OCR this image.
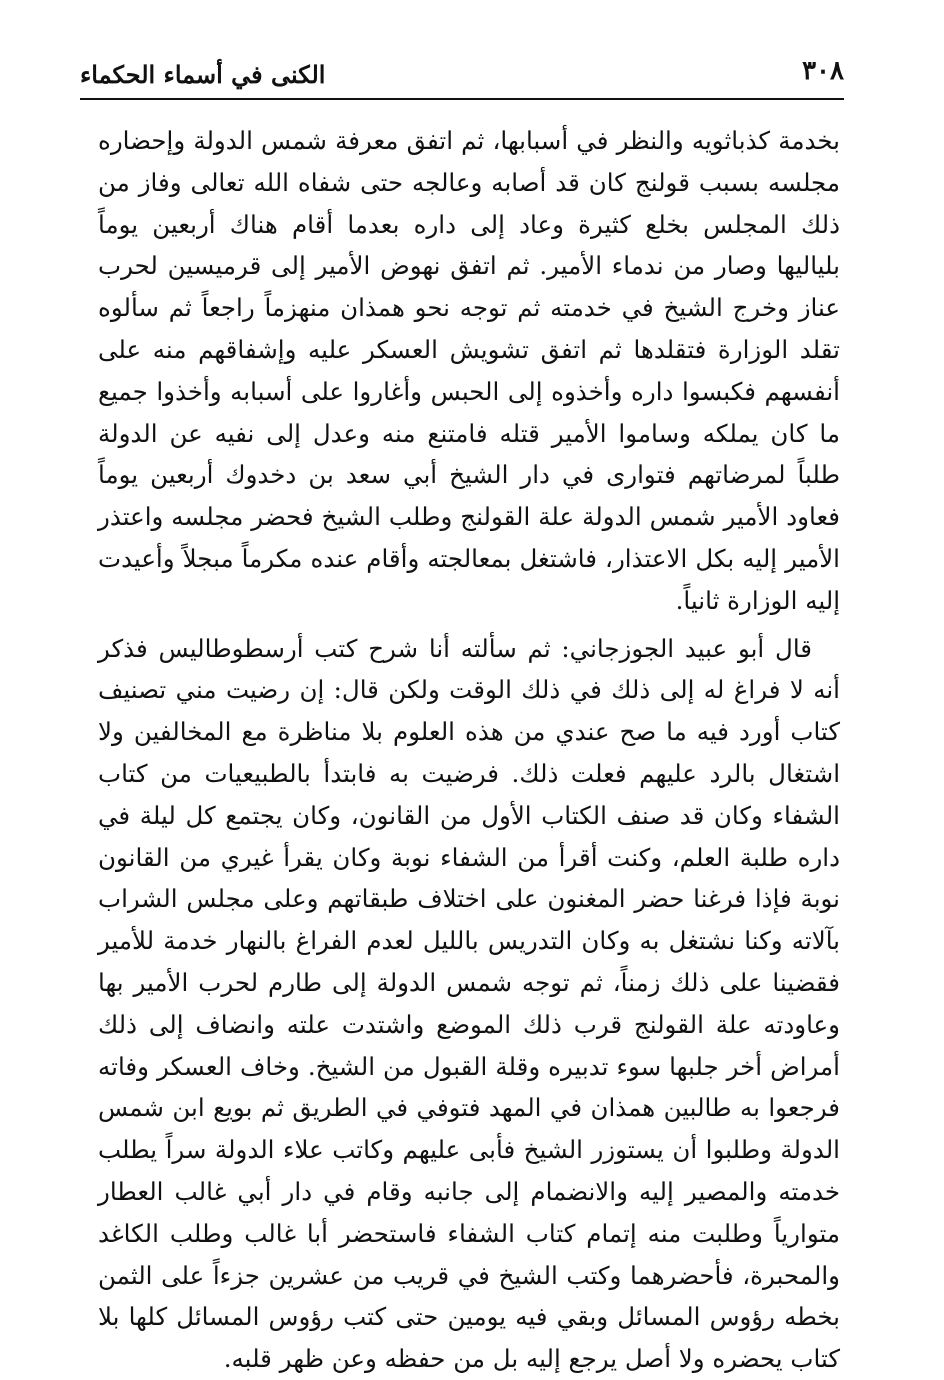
٣٠٨
الكنى في أسماء الحكماء

بخدمة كذباثويه والنظر في أسبابها، ثم اتفق معرفة شمس الدولة وإحضاره مجلسه بسبب قولنج كان قد أصابه وعالجه حتى شفاه الله تعالى وفاز من ذلك المجلس بخلع كثيرة وعاد إلى داره بعدما أقام هناك أربعين يوماً بلياليها وصار من ندماء الأمير. ثم اتفق نهوض الأمير إلى قرميسين لحرب عناز وخرج الشيخ في خدمته ثم توجه نحو همذان منهزماً راجعاً ثم سألوه تقلد الوزارة فتقلدها ثم اتفق تشويش العسكر عليه وإشفاقهم منه على أنفسهم فكبسوا داره وأخذوه إلى الحبس وأغاروا على أسبابه وأخذوا جميع ما كان يملكه وساموا الأمير قتله فامتنع منه وعدل إلى نفيه عن الدولة طلباً لمرضاتهم فتوارى في دار الشيخ أبي سعد بن دخدوك أربعين يوماً فعاود الأمير شمس الدولة علة القولنج وطلب الشيخ فحضر مجلسه واعتذر الأمير إليه بكل الاعتذار، فاشتغل بمعالجته وأقام عنده مكرماً مبجلاً وأعيدت إليه الوزارة ثانياً.

قال أبو عبيد الجوزجاني: ثم سألته أنا شرح كتب أرسطوطاليس فذكر أنه لا فراغ له إلى ذلك في ذلك الوقت ولكن قال: إن رضيت مني تصنيف كتاب أورد فيه ما صح عندي من هذه العلوم بلا مناظرة مع المخالفين ولا اشتغال بالرد عليهم فعلت ذلك. فرضيت به فابتدأ بالطبيعيات من كتاب الشفاء وكان قد صنف الكتاب الأول من القانون، وكان يجتمع كل ليلة في داره طلبة العلم، وكنت أقرأ من الشفاء نوبة وكان يقرأ غيري من القانون نوبة فإذا فرغنا حضر المغنون على اختلاف طبقاتهم وعلى مجلس الشراب بآلاته وكنا نشتغل به وكان التدريس بالليل لعدم الفراغ بالنهار خدمة للأمير فقضينا على ذلك زمناً، ثم توجه شمس الدولة إلى طارم لحرب الأمير بها وعاودته علة القولنج قرب ذلك الموضع واشتدت علته وانضاف إلى ذلك أمراض أخر جلبها سوء تدبيره وقلة القبول من الشيخ. وخاف العسكر وفاته فرجعوا به طالبين همذان في المهد فتوفي في الطريق ثم بويع ابن شمس الدولة وطلبوا أن يستوزر الشيخ فأبى عليهم وكاتب علاء الدولة سراً يطلب خدمته والمصير إليه والانضمام إلى جانبه وقام في دار أبي غالب العطار متوارياً وطلبت منه إتمام كتاب الشفاء فاستحضر أبا غالب وطلب الكاغد والمحبرة، فأحضرهما وكتب الشيخ في قريب من عشرين جزءاً على الثمن بخطه رؤوس المسائل وبقي فيه يومين حتى كتب رؤوس المسائل كلها بلا كتاب يحضره ولا أصل يرجع إليه بل من حفظه وعن ظهر قلبه.
